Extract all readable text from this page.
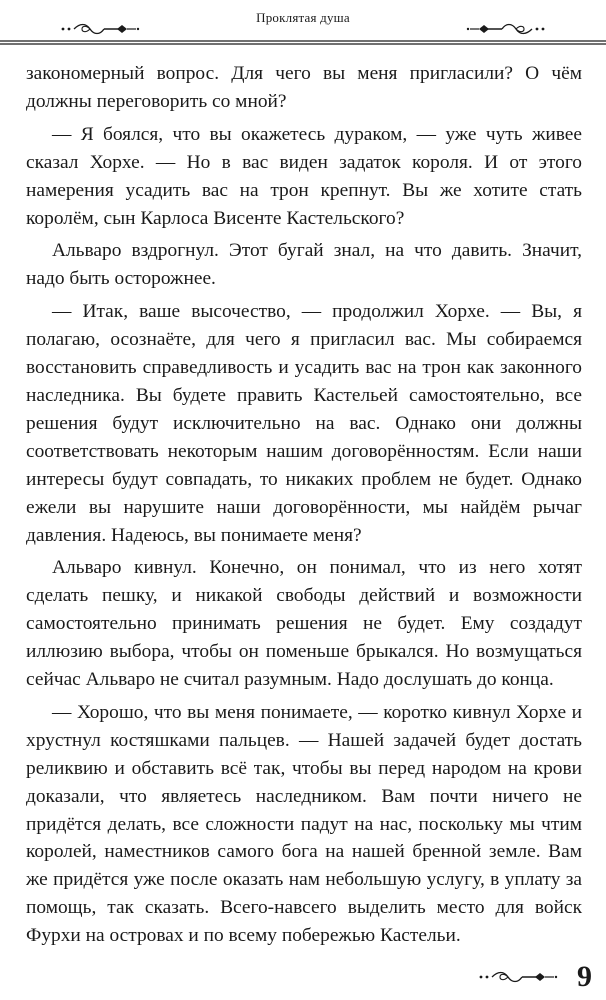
Проклятая душа

закономерный вопрос. Для чего вы меня пригласили? О чём должны переговорить со мной?

— Я боялся, что вы окажетесь дураком, — уже чуть живее сказал Хорхе. — Но в вас виден задаток короля. И от этого намерения усадить вас на трон крепнут. Вы же хотите стать королём, сын Карлоса Висенте Кастельского?

Альваро вздрогнул. Этот бугай знал, на что давить. Значит, надо быть осторожнее.

— Итак, ваше высочество, — продолжил Хорхе. — Вы, я полагаю, осознаёте, для чего я пригласил вас. Мы собираемся восстановить справедливость и усадить вас на трон как законного наследника. Вы будете править Кастельей самостоятельно, все решения будут исключительно на вас. Однако они должны соответствовать некоторым нашим договорённостям. Если наши интересы будут совпадать, то никаких проблем не будет. Однако ежели вы нарушите наши договорённости, мы найдём рычаг давления. Надеюсь, вы понимаете меня?

Альваро кивнул. Конечно, он понимал, что из него хотят сделать пешку, и никакой свободы действий и возможности самостоятельно принимать решения не будет. Ему создадут иллюзию выбора, чтобы он поменьше брыкался. Но возмущаться сейчас Альваро не считал разумным. Надо дослушать до конца.

— Хорошо, что вы меня понимаете, — коротко кивнул Хорхе и хрустнул костяшками пальцев. — Нашей задачей будет достать реликвию и обставить всё так, чтобы вы перед народом на крови доказали, что являетесь наследником. Вам почти ничего не придётся делать, все сложности падут на нас, поскольку мы чтим королей, наместников самого бога на нашей бренной земле. Вам же придётся уже после оказать нам небольшую услугу, в уплату за помощь, так сказать. Всего-навсего выделить место для войск Фурхи на островах и по всему побережью Кастельи.

9
